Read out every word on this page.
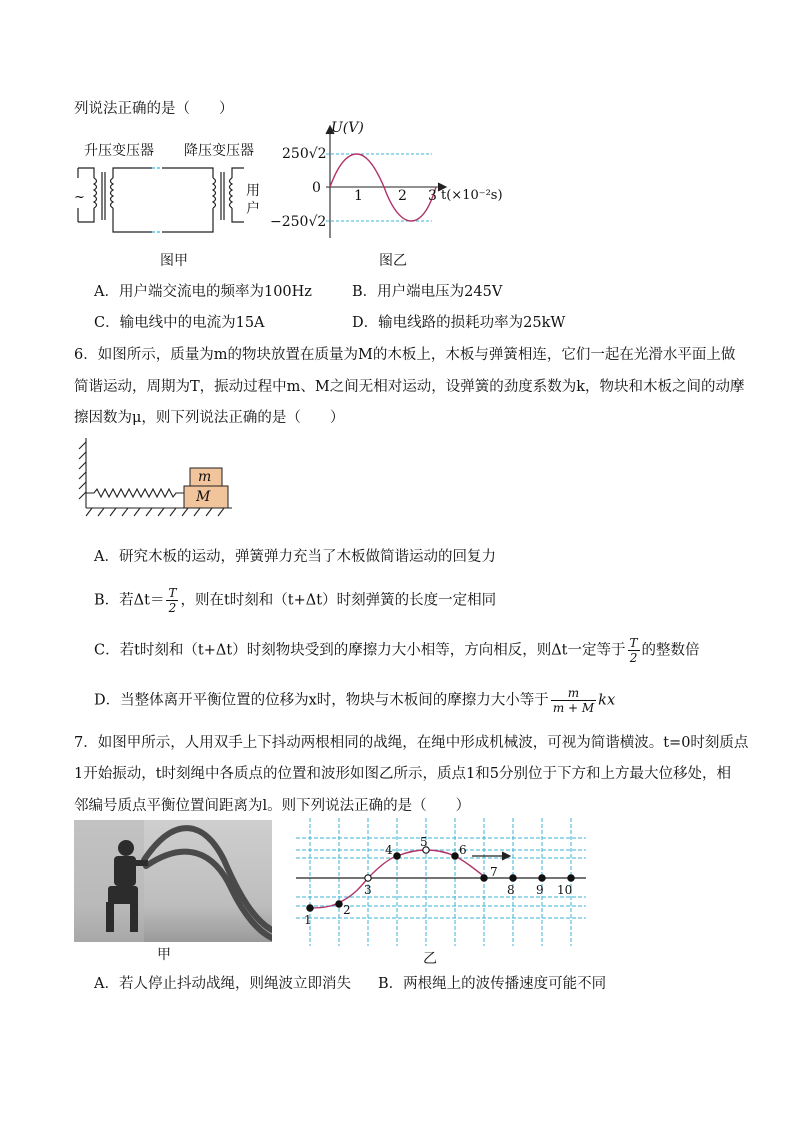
列说法正确的是（　　）
升压变压器 降压变压器
~	用
户
图甲
U(V)
250√2
0
−250√2
1	2 3 t(×10⁻²s)
图乙
A．用户端交流电的频率为100Hz	B．用户端电压为245V
C．输电线中的电流为15A	D．输电线路的损耗功率为25kW
6．如图所示，质量为m的物块放置在质量为M的木板上，木板与弹簧相连，它们一起在光滑水平面上做
简谐运动，周期为T，振动过程中m、M之间无相对运动，设弹簧的劲度系数为k，物块和木板之间的动摩
擦因数为μ，则下列说法正确的是（　　）
m
M
A．研究木板的运动，弹簧弹力充当了木板做简谐运动的回复力
B．若$\Delta t= \frac{T}{2}$ ，则在t时刻和（t+Δt）时刻弹簧的长度一定相同
C．若t时刻和（t+Δt）时刻物块受到的摩擦力大小相等，方向相反，则Δt一定等于 $\frac{T}{2}$ 的整数倍
D．当整体离开平衡位置的位移为x时，物块与木板间的摩擦力大小等于 $\frac{m}{m + M}$ kx
7．如图甲所示，人用双手上下抖动两根相同的战绳，在绳中形成机械波，可视为简谐横波。t=0时刻质点
1开始振动，t时刻绳中各质点的位置和波形如图乙所示，质点1和5分别位于下方和上方最大位移处，相
邻编号质点平衡位置间距离为l。则下列说法正确的是（　　）
甲
1
2
3
4
5
6
7
8 9 10
乙
A．若人停止抖动战绳，则绳波立即消失 B．两根绳上的波传播速度可能不同
